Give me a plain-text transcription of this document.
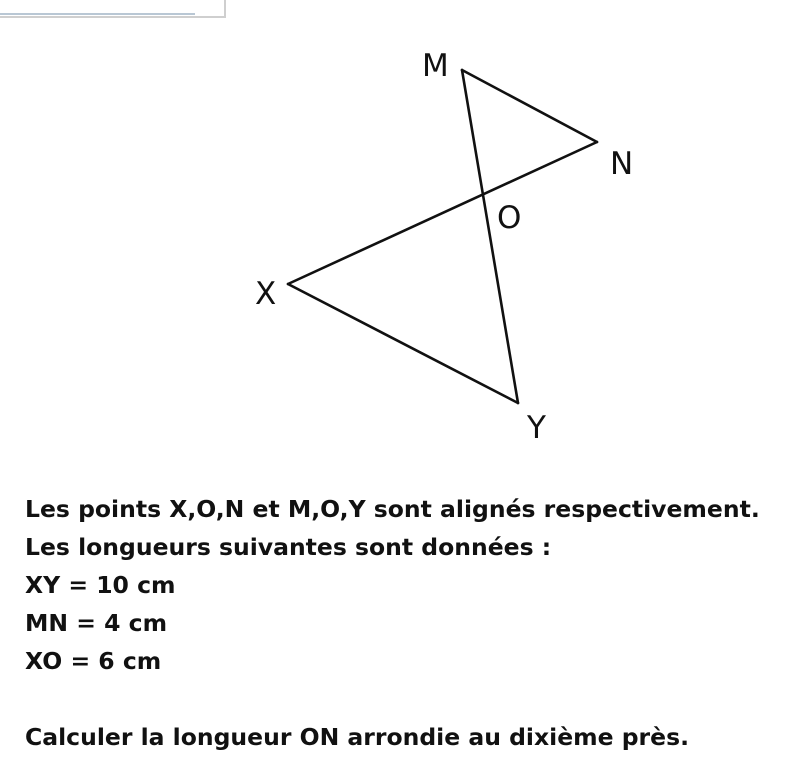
M
N
O
X
Y

Les points X,O,N et M,O,Y sont alignés respectivement.

Les longueurs suivantes sont données :

XY = 10 cm

MN = 4 cm

XO = 6 cm

Calculer la longueur ON arrondie au dixième près.
